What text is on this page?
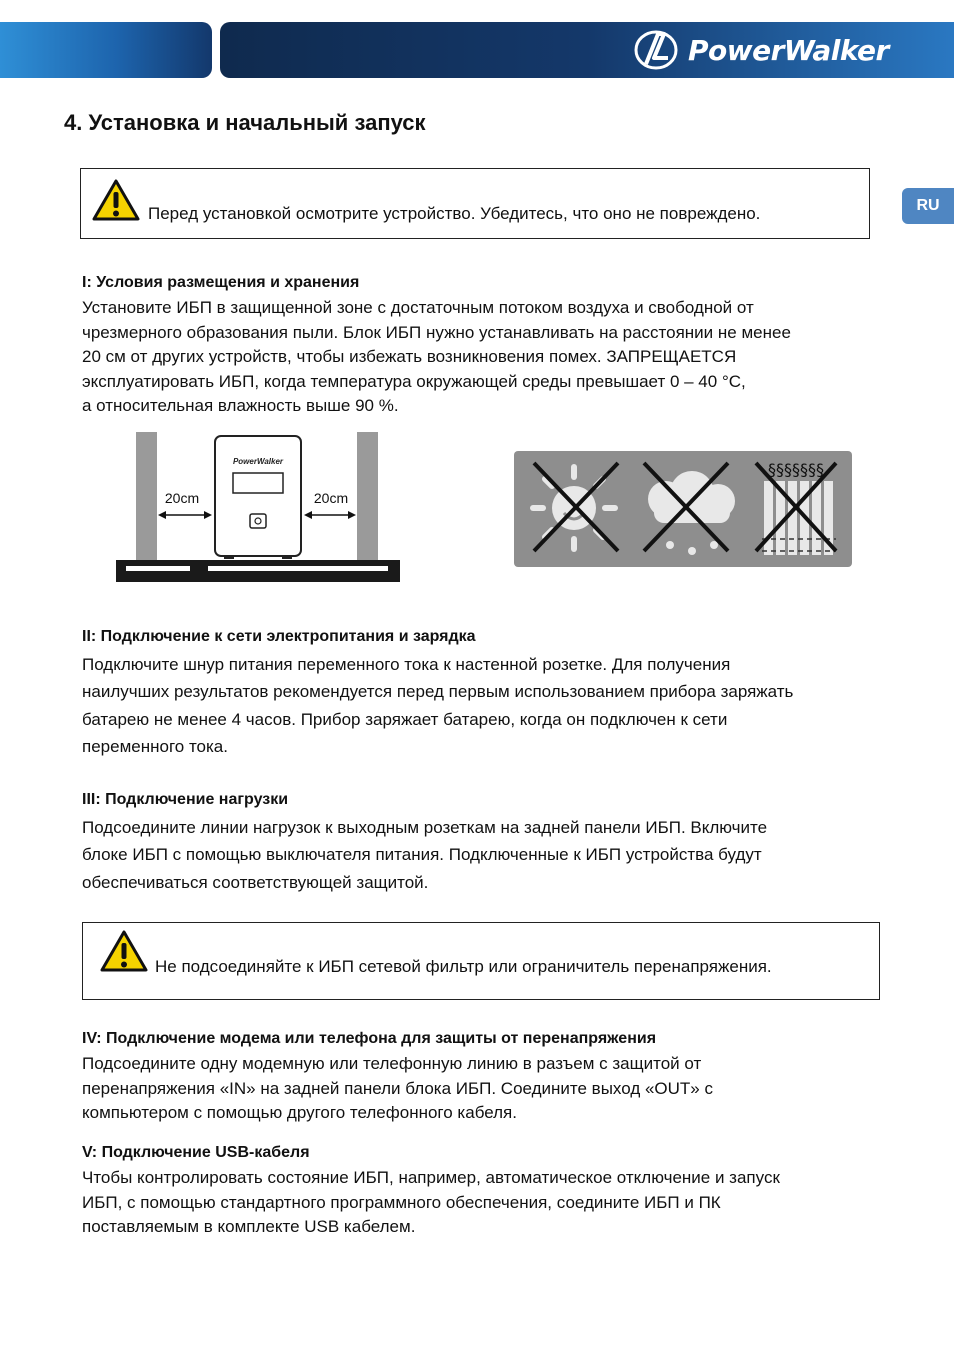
PowerWalker
RU
4. Установка и начальный запуск
Перед установкой осмотрите устройство. Убедитесь, что оно не повреждено.
I: Условия размещения и хранения

Установите ИБП в защищенной зоне с достаточным потоком воздуха и свободной от
чрезмерного образования пыли. Блок ИБП нужно устанавливать на расстоянии не менее
20 см от других устройств, чтобы избежать возникновения помех. ЗАПРЕЩАЕТСЯ
эксплуатировать ИБП, когда температура окружающей среды превышает 0 – 40 °C,
а относительная влажность выше 90 %.

PowerWalker
20cm	20cm
§§§§§§§
II: Подключение к сети электропитания и зарядка

Подключите шнур питания переменного тока к настенной розетке. Для получения
наилучших результатов рекомендуется перед первым использованием прибора заряжать
батарею не менее 4 часов. Прибор заряжает батарею, когда он подключен к сети
переменного тока.

III: Подключение нагрузки

Подсоедините линии нагрузок к выходным розеткам на задней панели ИБП. Включите
блоке ИБП с помощью выключателя питания. Подключенные к ИБП устройства будут
обеспечиваться соответствующей защитой.

Не подсоединяйте к ИБП сетевой фильтр или ограничитель перенапряжения.
IV: Подключение модема или телефона для защиты от перенапряжения

Подсоедините одну модемную или телефонную линию в разъем с защитой от
перенапряжения «IN» на задней панели блока ИБП. Соедините выход «OUT» с
компьютером с помощью другого телефонного кабеля.

V: Подключение USB-кабеля

Чтобы контролировать состояние ИБП, например, автоматическое отключение и запуск
ИБП, с помощью стандартного программного обеспечения, соедините ИБП и ПК
поставляемым в комплекте USB кабелем.
